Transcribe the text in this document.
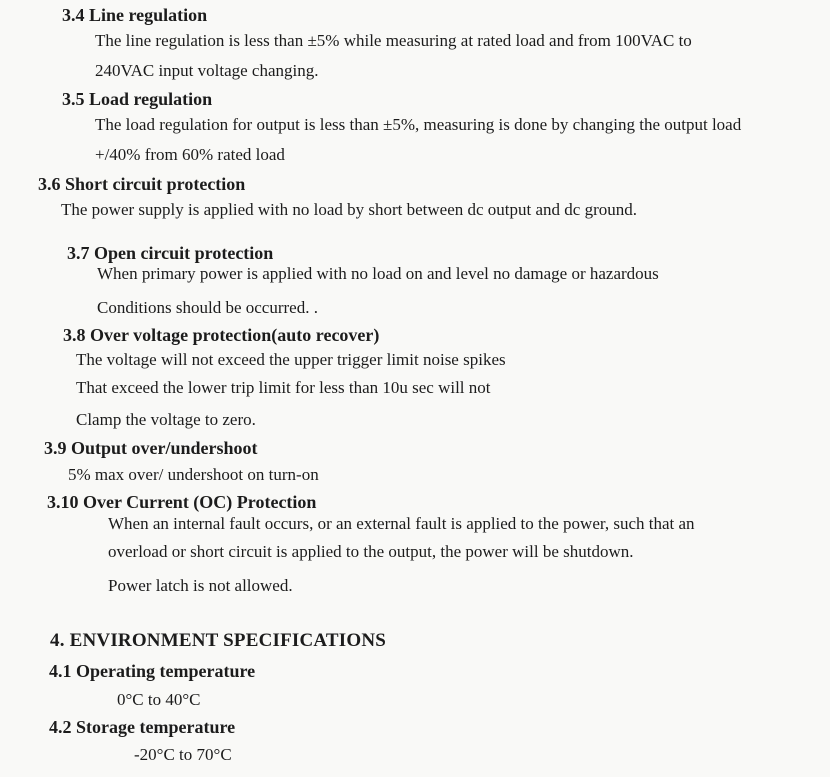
3.4 Line regulation
The line regulation is less than ±5% while measuring at rated load and from 100VAC to
240VAC input voltage changing.
3.5 Load regulation
The load regulation for output is less than ±5%, measuring is done by changing the output load
+/40% from 60% rated load
3.6 Short circuit protection
The power supply is applied with no load by short between dc output and dc ground.
3.7 Open circuit protection
When primary power is applied with no load on and level no damage or hazardous
Conditions should be occurred. .
3.8 Over voltage protection(auto recover)
The voltage will not exceed the upper trigger limit noise spikes
That exceed the lower trip limit for less than 10u sec will not
Clamp the voltage to zero.
3.9 Output over/undershoot
5% max over/ undershoot on turn-on
3.10 Over Current (OC) Protection
When an internal fault occurs, or an external fault is applied to the power, such that an
overload or short circuit is applied to the output, the power will be shutdown.
Power latch is not allowed.
4. ENVIRONMENT SPECIFICATIONS
4.1 Operating temperature
0°C to 40°C
4.2 Storage temperature
-20°C to 70°C
